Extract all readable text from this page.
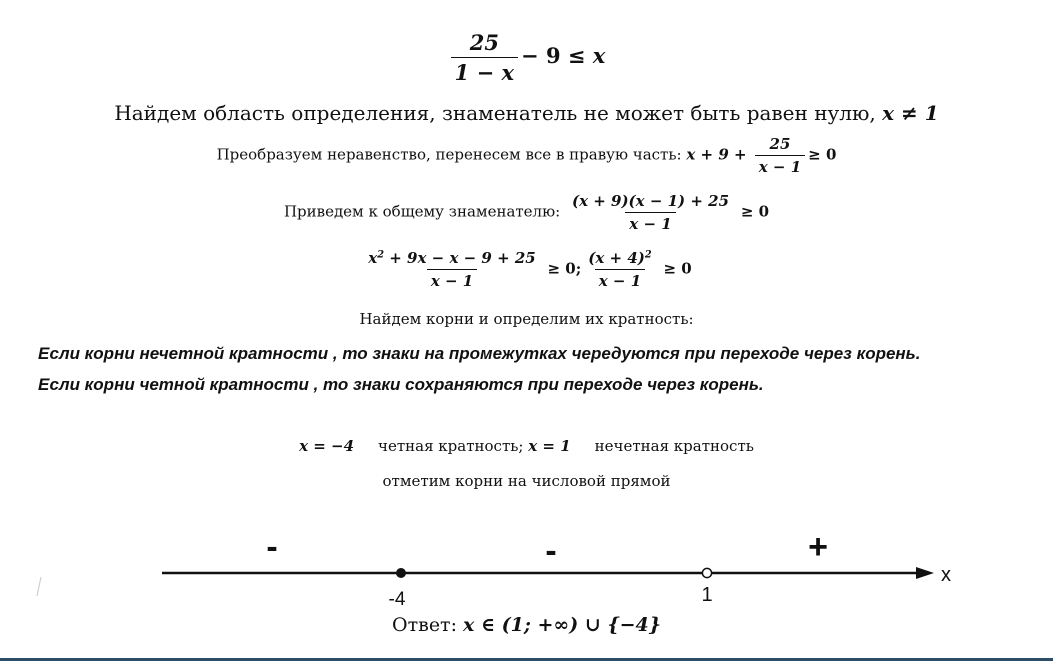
$\frac{25}{1 - x} - 9 \le x$
Найдем область определения, знаменатель не может быть равен нулю, x ≠ 1
Преобразуем неравенство, перенесем все в правую часть: $x + 9 + \frac{25}{x - 1} \ge 0$
Приведем к общему знаменателю: $\frac{(x + 9)(x - 1) + 25}{x - 1} \ge 0$
$\frac{x^2 + 9x - x - 9 + 25}{x - 1} \ge 0$; $\frac{(x + 4)^2}{x - 1} \ge 0$
Найдем корни и определим их кратность:
Если корни нечетной кратности , то знаки на промежутках чередуются при переходе через корень.
Если корни четной кратности , то знаки сохраняются при переходе через корень.
x = −4 четная кратность; x = 1 нечетная кратность
отметим корни на числовой прямой
-	-	+
x
-4	1
Ответ: x ∈ (1; +∞) ∪ {−4}
